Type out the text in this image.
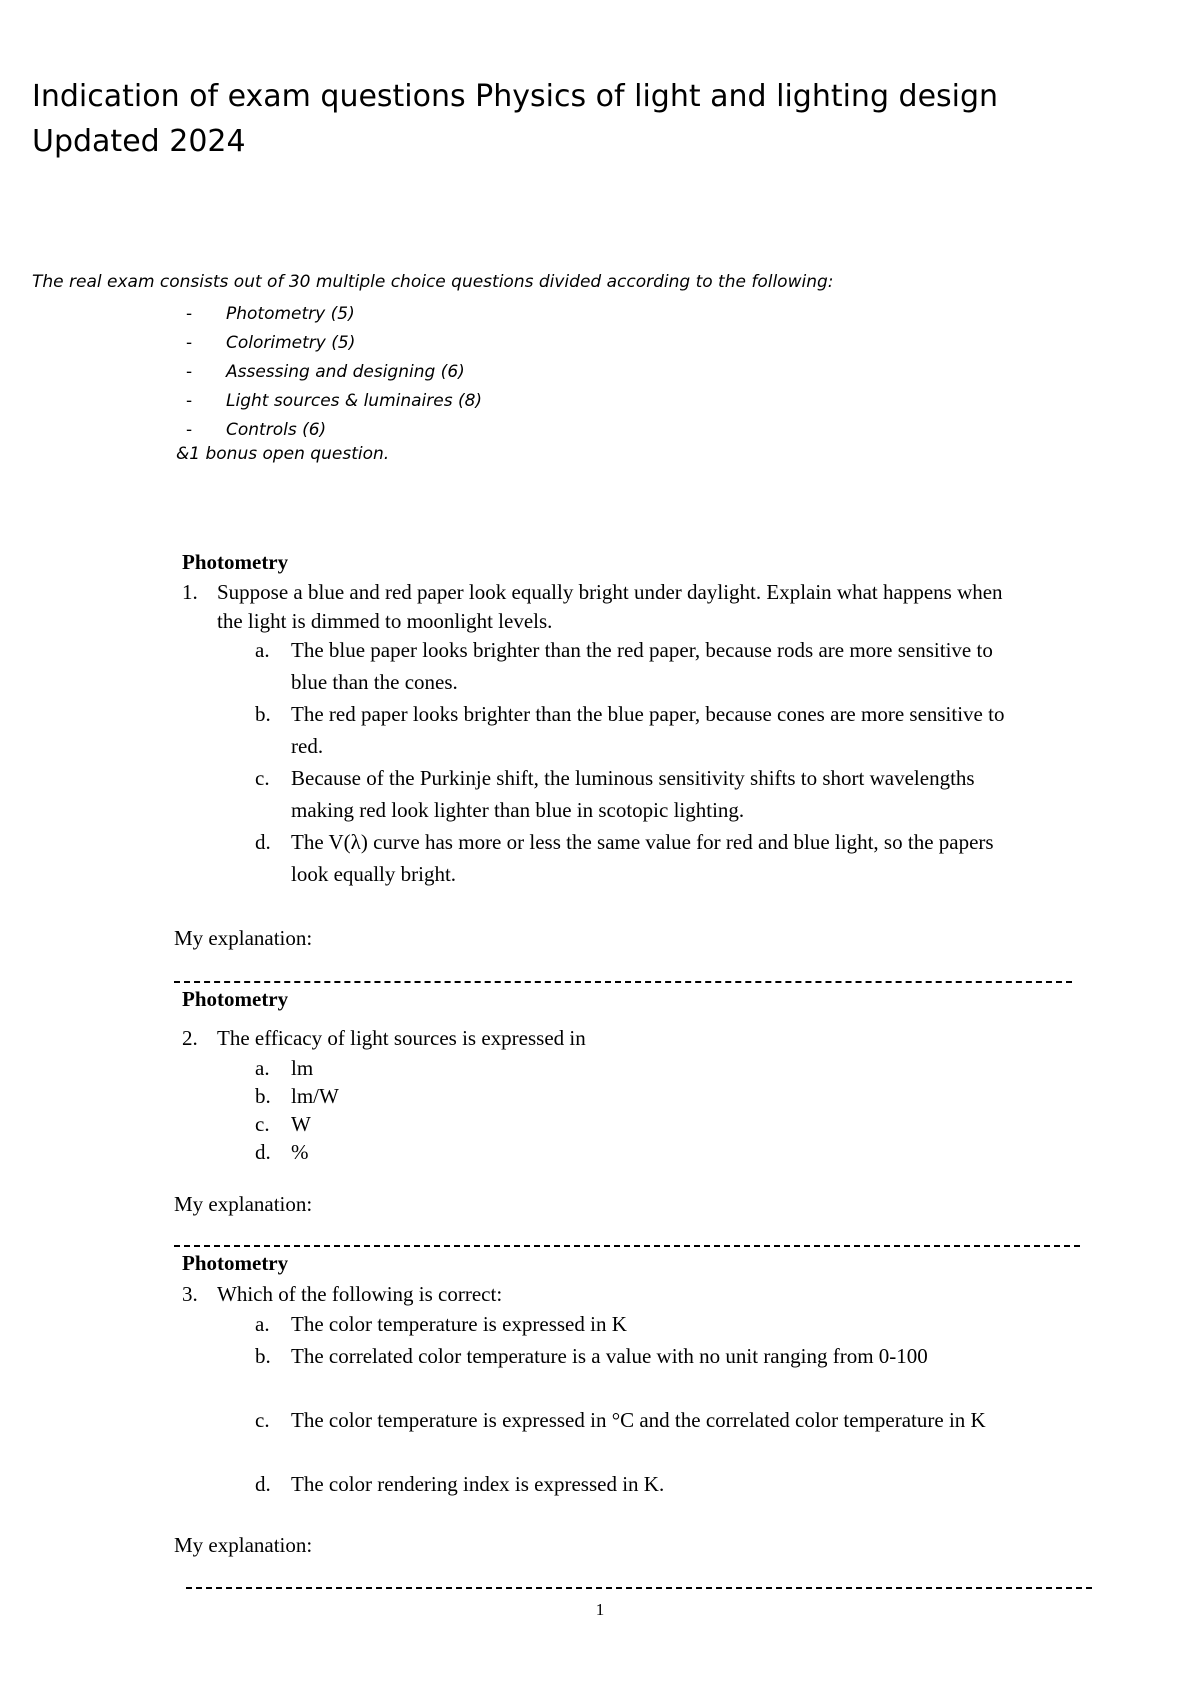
Indication of exam questions Physics of light and lighting design
Updated 2024
The real exam consists out of 30 multiple choice questions divided according to the following:
- Photometry (5)
- Colorimetry (5)
- Assessing and designing (6)
- Light sources & luminaires (8)
- Controls (6)
&1 bonus open question.
Photometry
1. Suppose a blue and red paper look equally bright under daylight. Explain what happens when the light is dimmed to moonlight levels.
a. The blue paper looks brighter than the red paper, because rods are more sensitive to blue than the cones.
b. The red paper looks brighter than the blue paper, because cones are more sensitive to red.
c. Because of the Purkinje shift, the luminous sensitivity shifts to short wavelengths making red look lighter than blue in scotopic lighting.
d. The V(λ) curve has more or less the same value for red and blue light, so the papers look equally bright.
My explanation:
Photometry
2. The efficacy of light sources is expressed in
a. lm
b. lm/W
c. W
d. %
My explanation:
Photometry
3. Which of the following is correct:
a. The color temperature is expressed in K
b. The correlated color temperature is a value with no unit ranging from 0-100
c. The color temperature is expressed in °C and the correlated color temperature in K
d. The color rendering index is expressed in K.
My explanation:
1
